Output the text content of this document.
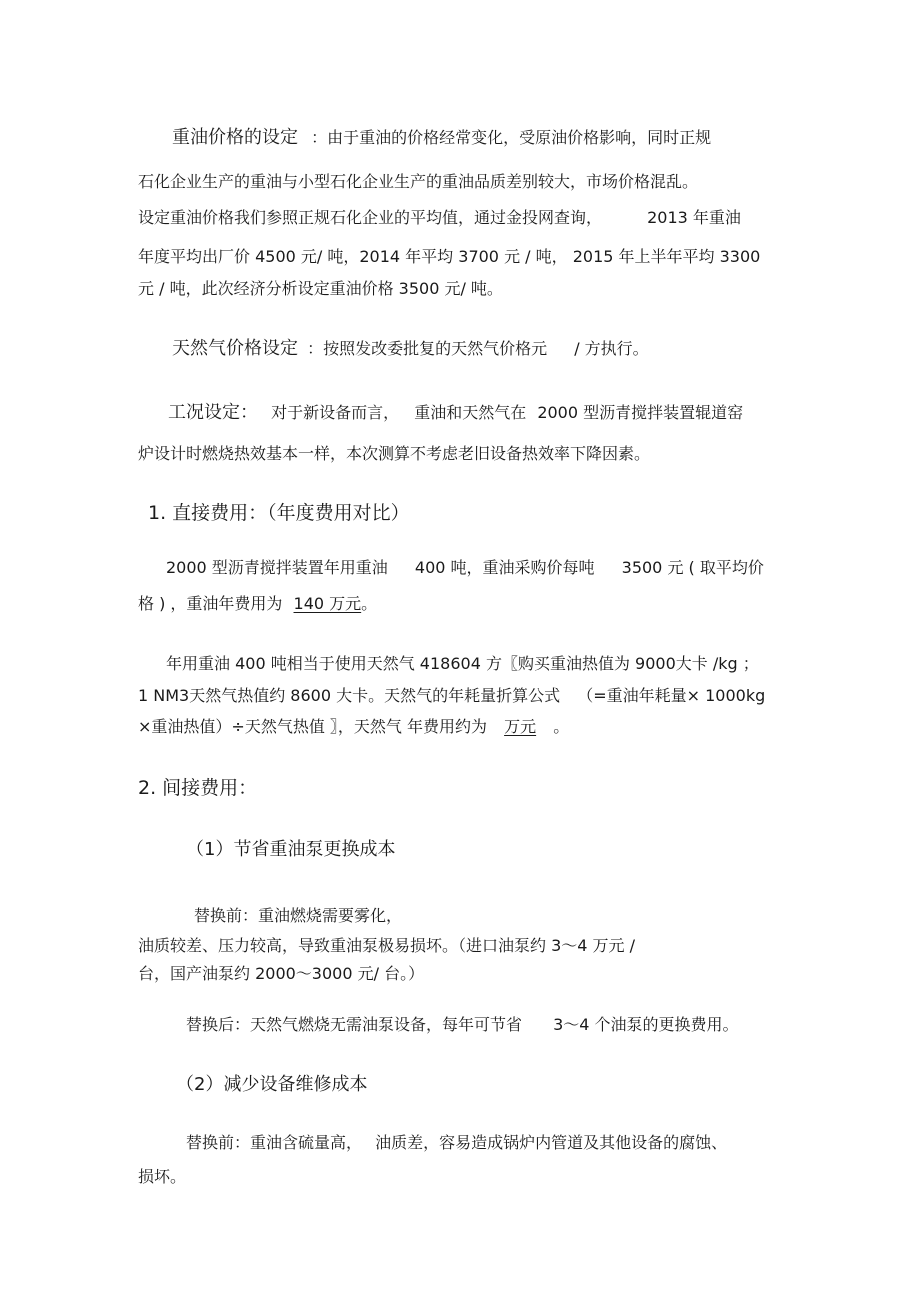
重油价格的设定 ：由于重油的价格经常变化，受原油价格影响，同时正规
石化企业生产的重油与小型石化企业生产的重油品质差别较大，市场价格混乱。
设定重油价格我们参照正规石化企业的平均值，通过金投网查询，	2013 年重油
年度平均出厂价 4500 元/ 吨，2014 年平均 3700 元 / 吨， 2015 年上半年平均 3300
元 / 吨，此次经济分析设定重油价格 3500 元/ 吨。
天然气价格设定 ：按照发改委批复的天然气价格元 / 方执行。
工况设定： 对于新设备而言， 重油和天然气在 2000 型沥青搅拌装置辊道窑
炉设计时燃烧热效基本一样，本次测算不考虑老旧设备热效率下降因素。
1. 直接费用：（年度费用对比）
2000 型沥青搅拌装置年用重油 400 吨，重油采购价每吨 3500 元 ( 取平均价
格 ) ，重油年费用为 140 万元。
年用重油 400 吨相当于使用天然气 418604 方〖购买重油热值为 9000大卡 /kg ；
1 NM3天然气热值约 8600 大卡。天然气的年耗量折算公式 （=重油年耗量× 1000kg
×重油热值）÷天然气热值 〗，天然气 年费用约为 万元 。
2. 间接费用：
（1）节省重油泵更换成本
替换前：重油燃烧需要雾化，
油质较差、压力较高，导致重油泵极易损坏。（进口油泵约 3～4 万元 /
台，国产油泵约 2000～3000 元/ 台。）
替换后：天然气燃烧无需油泵设备，每年可节省 3～4 个油泵的更换费用。
（2）减少设备维修成本
替换前：重油含硫量高， 油质差，容易造成锅炉内管道及其他设备的腐蚀、
损坏。
